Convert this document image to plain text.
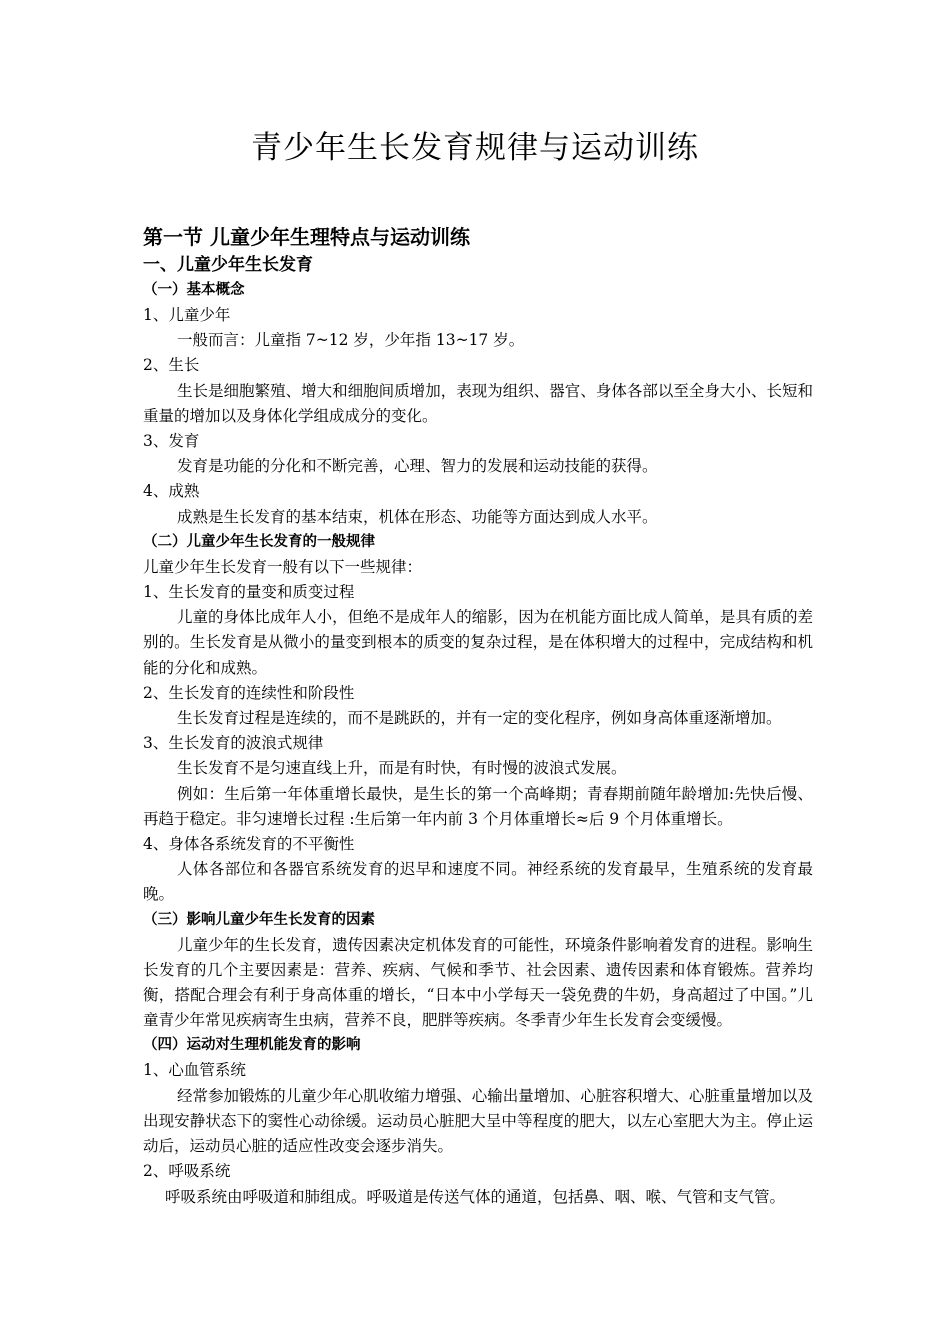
青少年生长发育规律与运动训练
第一节 儿童少年生理特点与运动训练
一、儿童少年生长发育
（一）基本概念
1、儿童少年
一般而言：儿童指 7~12 岁，少年指 13~17 岁。
2、生长
生长是细胞繁殖、增大和细胞间质增加，表现为组织、器官、身体各部以至全身大小、长短和重量的增加以及身体化学组成成分的变化。
3、发育
发育是功能的分化和不断完善，心理、智力的发展和运动技能的获得。
4、成熟
成熟是生长发育的基本结束，机体在形态、功能等方面达到成人水平。
（二）儿童少年生长发育的一般规律
儿童少年生长发育一般有以下一些规律：
1、生长发育的量变和质变过程
儿童的身体比成年人小，但绝不是成年人的缩影，因为在机能方面比成人简单，是具有质的差别的。生长发育是从微小的量变到根本的质变的复杂过程，是在体积增大的过程中，完成结构和机能的分化和成熟。
2、生长发育的连续性和阶段性
生长发育过程是连续的，而不是跳跃的，并有一定的变化程序，例如身高体重逐渐增加。
3、生长发育的波浪式规律
生长发育不是匀速直线上升，而是有时快，有时慢的波浪式发展。
例如：生后第一年体重增长最快，是生长的第一个高峰期；青春期前随年龄增加:先快后慢、再趋于稳定。非匀速增长过程 :生后第一年内前 3 个月体重增长≈后 9 个月体重增长。
4、身体各系统发育的不平衡性
人体各部位和各器官系统发育的迟早和速度不同。神经系统的发育最早，生殖系统的发育最晚。
（三）影响儿童少年生长发育的因素
儿童少年的生长发育，遗传因素决定机体发育的可能性，环境条件影响着发育的进程。影响生长发育的几个主要因素是：营养、疾病、气候和季节、社会因素、遗传因素和体育锻炼。营养均衡，搭配合理会有利于身高体重的增长，“日本中小学每天一袋免费的牛奶，身高超过了中国。”儿童青少年常见疾病寄生虫病，营养不良，肥胖等疾病。冬季青少年生长发育会变缓慢。
（四）运动对生理机能发育的影响
1、心血管系统
经常参加锻炼的儿童少年心肌收缩力增强、心输出量增加、心脏容积增大、心脏重量增加以及出现安静状态下的窦性心动徐缓。运动员心脏肥大呈中等程度的肥大，以左心室肥大为主。停止运动后，运动员心脏的适应性改变会逐步消失。
2、呼吸系统
呼吸系统由呼吸道和肺组成。呼吸道是传送气体的通道，包括鼻、咽、喉、气管和支气管。
